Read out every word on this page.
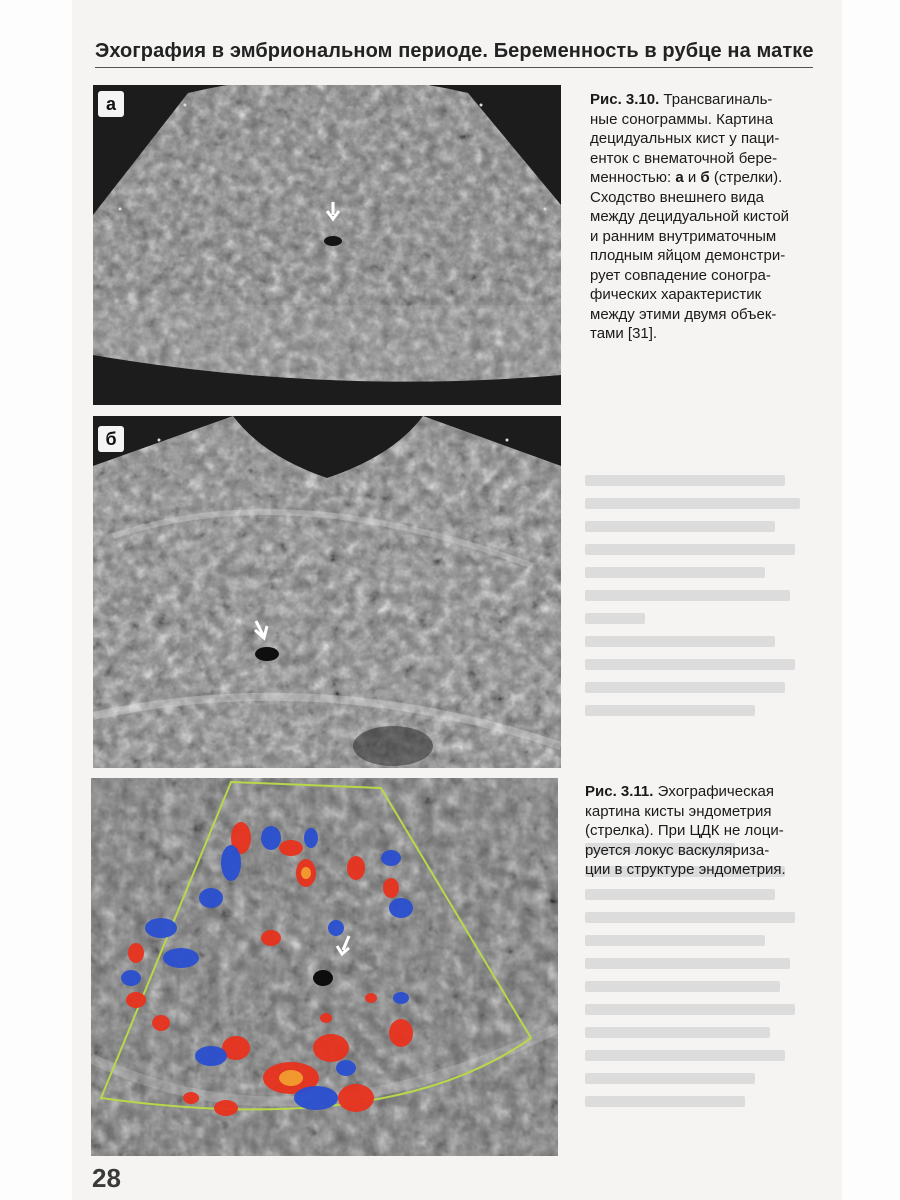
Эхография в эмбриональном периоде. Беременность в рубце на матке
а
б
Рис. 3.10. Трансвагиналь-
ные сонограммы. Картина
децидуальных кист у паци-
енток с внематочной бере-
менностью: а и б (стрелки).
Сходство внешнего вида
между децидуальной кистой
и ранним внутриматочным
плодным яйцом демонстри-
рует совпадение соногра-
фических характеристик
между этими двумя объек-
тами [31].
Рис. 3.11. Эхографическая
картина кисты эндометрия
(стрелка). При ЦДК не лоци-
руется локус васкуляриза-
ции в структуре эндометрия.
28
